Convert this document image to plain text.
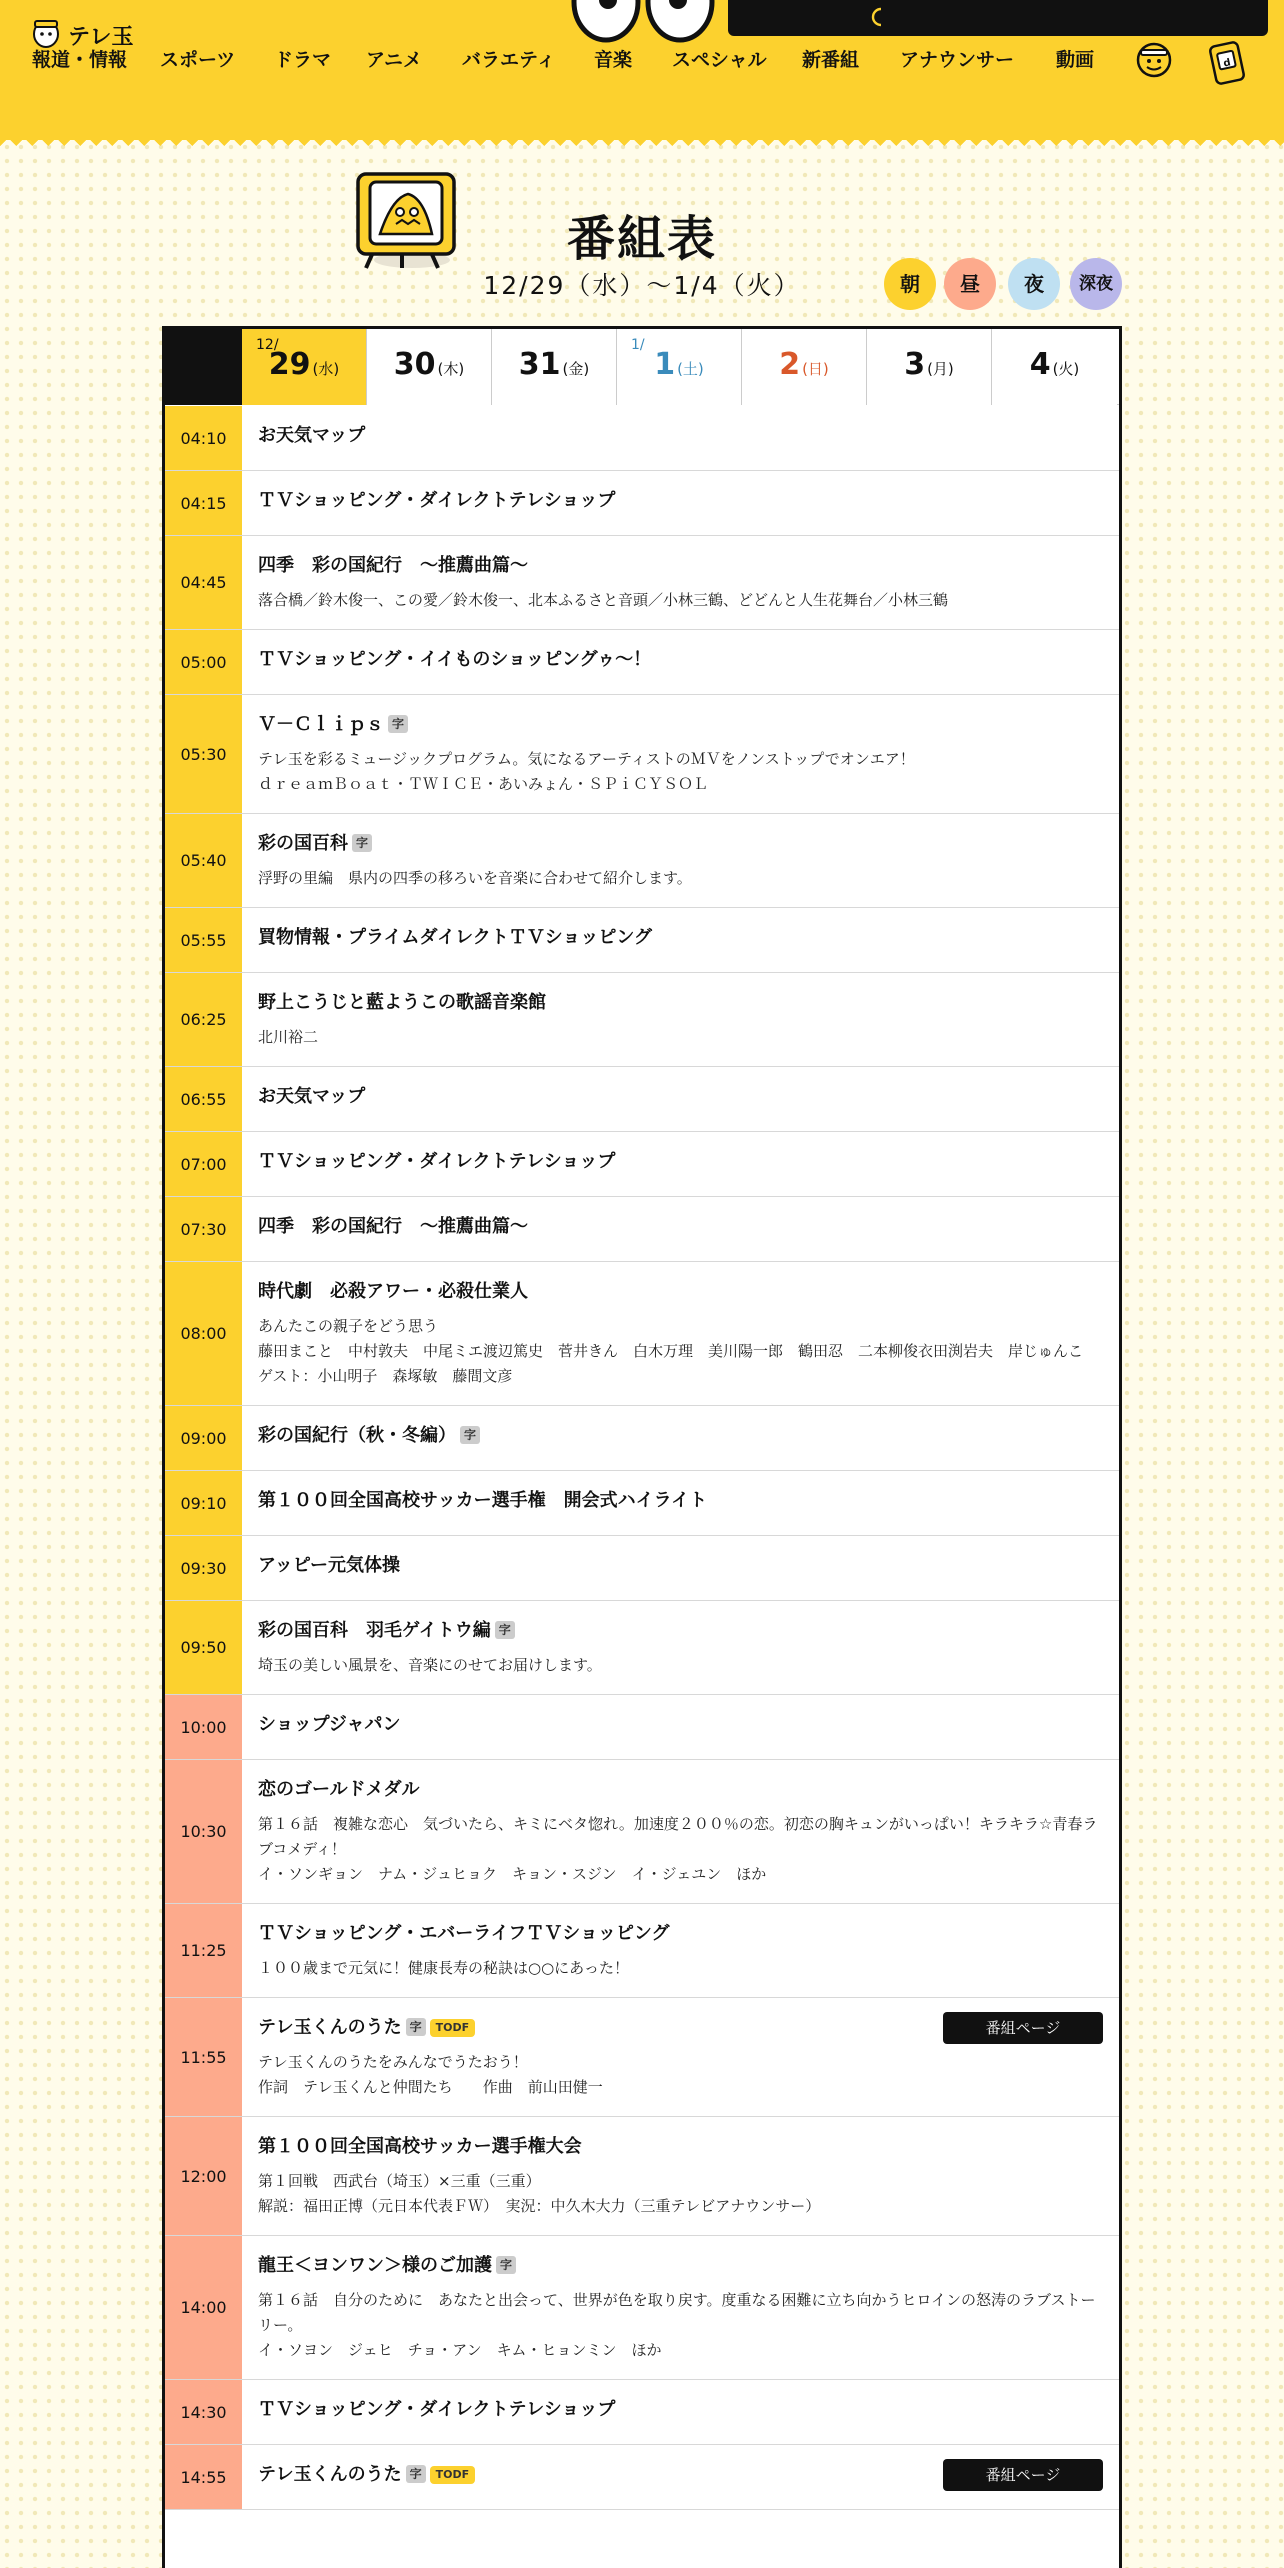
テレ玉
報道・情報 スポーツ ドラマ アニメ バラエティ 音楽 スペシャル 新番組 アナウンサー 動画	d
番組表
12/29（水）〜1/4（火）	朝	昼	夜	深夜
12/
29 (水)	30 (木)	31 (金)
1/
1 (土)	2 (日)	3 (月)	4 (火)
04:10	お天気マップ
04:15	ＴＶショッピング・ダイレクトテレショップ
04:45
四季　彩の国紀行　～推薦曲篇～
落合橋／鈴木俊一、この愛／鈴木俊一、北本ふるさと音頭／小林三鶴、どどんと人生花舞台／小林三鶴
05:00	ＴＶショッピング・イイものショッピングゥ～！
05:30
Ｖ－Ｃｌｉｐｓ 字
テレ玉を彩るミュージックプログラム。気になるアーティストのＭＶをノンストップでオンエア！
ｄｒｅａｍＢｏａｔ・ＴＷＩＣＥ・あいみょん・ＳＰｉＣＹＳＯＬ
05:40
彩の国百科 字
浮野の里編　県内の四季の移ろいを音楽に合わせて紹介します。
05:55	買物情報・プライムダイレクトＴＶショッピング
06:25
野上こうじと藍ようこの歌謡音楽館
北川裕二
06:55	お天気マップ
07:00	ＴＶショッピング・ダイレクトテレショップ
07:30	四季　彩の国紀行　～推薦曲篇～
08:00
時代劇　必殺アワー・必殺仕業人
あんたこの親子をどう思う
藤田まこと　中村敦夫　中尾ミエ渡辺篤史　菅井きん　白木万理　美川陽一郎　鶴田忍　二本柳俊衣田渕岩夫　岸じゅんこ　ゲスト：小山明子　森塚敏　藤間文彦
09:00	彩の国紀行（秋・冬編） 字
09:10	第１００回全国高校サッカー選手権　開会式ハイライト
09:30	アッピー元気体操
09:50
彩の国百科　羽毛ゲイトウ編 字
埼玉の美しい風景を、音楽にのせてお届けします。
10:00	ショップジャパン
10:30
恋のゴールドメダル
第１６話　複雑な恋心　気づいたら、キミにベタ惚れ。加速度２００％の恋。初恋の胸キュンがいっぱい！キラキラ☆青春ラブコメディ！
イ・ソンギョン　ナム・ジュヒョク　キョン・スジン　イ・ジェユン　ほか
11:25
ＴＶショッピング・エバーライフＴＶショッピング
１００歳まで元気に！健康長寿の秘訣は○○にあった！
11:55
テレ玉くんのうた 字 TODF
テレ玉くんのうたをみんなでうたおう！
作詞　テレ玉くんと仲間たち　　作曲　前山田健一
番組ページ
12:00
第１００回全国高校サッカー選手権大会
第１回戦　西武台（埼玉）×三重（三重）
解説：福田正博（元日本代表ＦＷ）　実況：中久木大力（三重テレビアナウンサー）
14:00
龍王＜ヨンワン＞様のご加護 字
第１６話　自分のために　あなたと出会って、世界が色を取り戻す。度重なる困難に立ち向かうヒロインの怒涛のラブストーリー。
イ・ソヨン　ジェヒ　チョ・アン　キム・ヒョンミン　ほか
14:30	ＴＶショッピング・ダイレクトテレショップ
14:55	テレ玉くんのうた 字 TODF	番組ページ
